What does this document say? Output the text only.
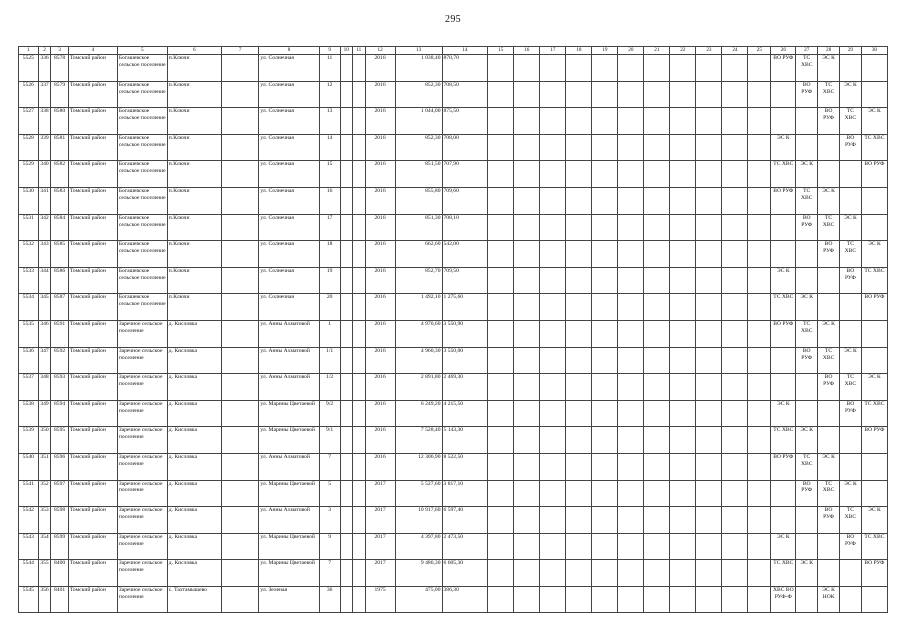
295
1	2	3	4	5	6	7	8	9	10	11	12	13	14	15	16	17	18	19	20	21	22	23	24	25	26	27	28	29	30
5525	336	8578	Томский район	Богашевское сельское поселение	п.Ключи		ул. Солнечная	11			2016	1 038,40	870,70												ВО РУФ	ТС ХВС	ЭС К		

5526	337	8579	Томский район	Богашевское сельское поселение	п.Ключи		ул. Солнечная	12			2016	852,30	708,50													ВО РУФ	ТС ХВС	ЭС К	

5527	338	8580	Томский район	Богашевское сельское поселение	п.Ключи		ул. Солнечная	13			2016	1 044,00	875,50														ВО РУФ	ТС ХВС	ЭС К

5528	339	8581	Томский район	Богашевское сельское поселение	п.Ключи		ул. Солнечная	14			2016	852,30	708,00												ЭС К			ВО РУФ	ТС ХВС

5529	340	8582	Томский район	Богашевское сельское поселение	п.Ключи		ул. Солнечная	15			2016	851,50	707,90												ТС ХВС	ЭС К			ВО РУФ

5530	341	8583	Томский район	Богашевское сельское поселение	п.Ключи		ул. Солнечная	16			2016	855,80	709,60												ВО РУФ	ТС ХВС	ЭС К		

5531	342	8584	Томский район	Богашевское сельское поселение	п.Ключи		ул. Солнечная	17			2016	851,30	708,10													ВО РУФ	ТС ХВС	ЭС К	

5532	343	8585	Томский район	Богашевское сельское поселение	п.Ключи		ул. Солнечная	18			2016	662,60	542,00														ВО РУФ	ТС ХВС	ЭС К

5533	344	8586	Томский район	Богашевское сельское поселение	п.Ключи		ул. Солнечная	19			2016	852,70	709,50												ЭС К			ВО РУФ	ТС ХВС

5534	345	8587	Томский район	Богашевское сельское поселение	п.Ключи		ул. Солнечная	20			2016	1 492,10	1 275,60												ТС ХВС	ЭС К			ВО РУФ

5535	346	8591	Томский район	Заречное сельское поселение	д. Кисловка		ул. Анны Ахматовой	1			2016	4 970,60	3 550,90												ВО РУФ	ТС ХВС	ЭС К		

5536	347	8592	Томский район	Заречное сельское поселение	д. Кисловка		ул. Анны Ахматовой	1/1			2016	4 960,30	3 550,00													ВО РУФ	ТС ХВС	ЭС К	

5537	348	8593	Томский район	Заречное сельское поселение	д. Кисловка		ул. Анны Ахматовой	1/2			2016	2 891,80	2 469,30														ВО РУФ	ТС ХВС	ЭС К

5538	349	8594	Томский район	Заречное сельское поселение	д. Кисловка		ул. Марины Цветаевой	9/2			2016	6 249,20	4 215,50												ЭС К			ВО РУФ	ТС ХВС

5539	350	8595	Томский район	Заречное сельское поселение	д. Кисловка		ул. Марины Цветаевой	9/1			2016	7 528,40	5 143,30												ТС ХВС	ЭС К			ВО РУФ

5540	351	8596	Томский район	Заречное сельское поселение	д. Кисловка		ул. Анны Ахматовой	7			2016	12 306,90	8 522,50												ВО РУФ	ТС ХВС	ЭС К		

5541	352	8597	Томский район	Заречное сельское поселение	д. Кисловка		ул. Марины Цветаевой	5			2017	5 527,60	3 817,10													ВО РУФ	ТС ХВС	ЭС К	

5542	353	8598	Томский район	Заречное сельское поселение	д. Кисловка		ул. Анны Ахматовой	3			2017	10 917,60	6 597,40														ВО РУФ	ТС ХВС	ЭС К

5543	354	8599	Томский район	Заречное сельское поселение	д. Кисловка		ул. Марины Цветаевой	9			2017	4 397,80	2 473,50												ЭС К			ВО РУФ	ТС ХВС

5544	355	8400	Томский район	Заречное сельское поселение	д. Кисловка		ул. Марины Цветаевой	7			2017	9 486,30	6 605,30												ТС ХВС	ЭС К			ВО РУФ

5545	356	8401	Томский район	Заречное сельское поселение	с. Тахтамышево		ул. Зеленая	36			1975	475,00	386,30												ХВС ВО РУФ-Ф		ЭС К НОК		
